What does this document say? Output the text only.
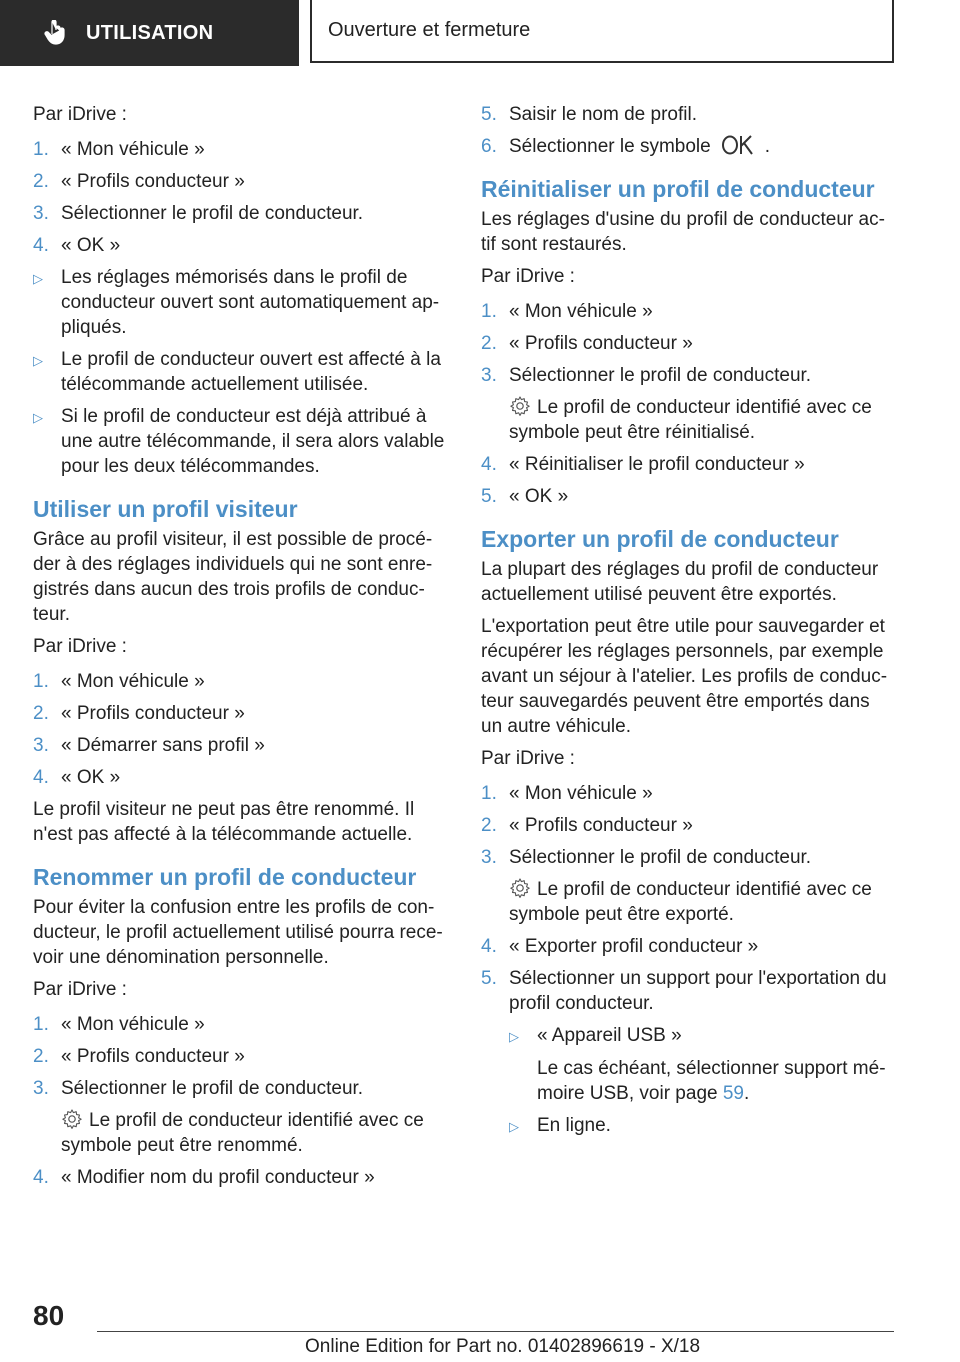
UTILISATION	Ouverture et fermeture

Par iDrive :

1. « Mon véhicule »
2. « Profils conducteur »
3. Sélectionner le profil de conducteur.
4. « OK »
▷ Les réglages mémorisés dans le profil de conducteur ouvert sont automatiquement ap-pliqués.
▷ Le profil de conducteur ouvert est affecté à la télécommande actuellement utilisée.
▷ Si le profil de conducteur est déjà attribué à une autre télécommande, il sera alors valable pour les deux télécommandes.
Utiliser un profil visiteur

Grâce au profil visiteur, il est possible de procé-der à des réglages individuels qui ne sont enre-gistrés dans aucun des trois profils de conduc-teur.

Par iDrive :

1. « Mon véhicule »
2. « Profils conducteur »
3. « Démarrer sans profil »
4. « OK »

Le profil visiteur ne peut pas être renommé. Il n'est pas affecté à la télécommande actuelle.

Renommer un profil de conducteur

Pour éviter la confusion entre les profils de con-ducteur, le profil actuellement utilisé pourra rece-voir une dénomination personnelle.

Par iDrive :

1. « Mon véhicule »
2. « Profils conducteur »
3. Sélectionner le profil de conducteur.
Le profil de conducteur identifié avec ce symbole peut être renommé.
4. « Modifier nom du profil conducteur »
5. Saisir le nom de profil.
6. Sélectionner le symbole	.
Réinitialiser un profil de conducteur

Les réglages d'usine du profil de conducteur ac-tif sont restaurés.

Par iDrive :

1. « Mon véhicule »
2. « Profils conducteur »
3. Sélectionner le profil de conducteur.
Le profil de conducteur identifié avec ce symbole peut être réinitialisé.
4. « Réinitialiser le profil conducteur »
5. « OK »
Exporter un profil de conducteur

La plupart des réglages du profil de conducteur actuellement utilisé peuvent être exportés.

L'exportation peut être utile pour sauvegarder et récupérer les réglages personnels, par exemple avant un séjour à l'atelier. Les profils de conduc-teur sauvegardés peuvent être emportés dans un autre véhicule.

Par iDrive :

1. « Mon véhicule »
2. « Profils conducteur »
3. Sélectionner le profil de conducteur.
Le profil de conducteur identifié avec ce symbole peut être exporté.
4. « Exporter profil conducteur »
5. Sélectionner un support pour l'exportation du profil conducteur.
▷ « Appareil USB »
Le cas échéant, sélectionner support mé-moire USB, voir page 59.
▷ En ligne.
80
Online Edition for Part no. 01402896619 - X/18
